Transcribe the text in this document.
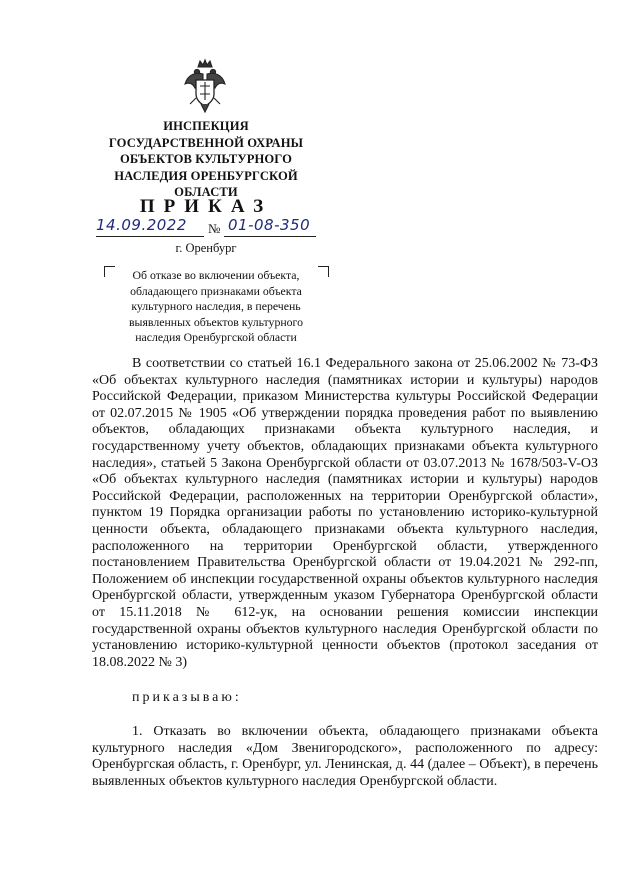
ИНСПЕКЦИЯ
ГОСУДАРСТВЕННОЙ ОХРАНЫ
ОБЪЕКТОВ КУЛЬТУРНОГО
НАСЛЕДИЯ ОРЕНБУРГСКОЙ
ОБЛАСТИ
ПРИКАЗ
14.09.2022 № 01-08-350
г. Оренбург
Об отказе во включении объекта,
обладающего признаками объекта
культурного наследия, в перечень
выявленных объектов культурного
наследия Оренбургской области

В соответствии со статьей 16.1 Федерального закона от 25.06.2002 № 73-ФЗ «Об объектах культурного наследия (памятниках истории и культуры) народов Российской Федерации, приказом Министерства культуры Российской Федерации от 02.07.2015 № 1905 «Об утверждении порядка проведения работ по выявлению объектов, обладающих признаками объекта культурного наследия, и государственному учету объектов, обладающих признаками объекта культурного наследия», статьей 5 Закона Оренбургской области от 03.07.2013 № 1678/503-V-ОЗ «Об объектах культурного наследия (памятниках истории и культуры) народов Российской Федерации, расположенных на территории Оренбургской области», пунктом 19 Порядка организации работы по установлению историко-культурной ценности объекта, обладающего признаками объекта культурного наследия, расположенного на территории Оренбургской области, утвержденного постановлением Правительства Оренбургской области от 19.04.2021 № 292-пп, Положением об инспекции государственной охраны объектов культурного наследия Оренбургской области, утвержденным указом Губернатора Оренбургской области от 15.11.2018 № 612-ук, на основании решения комиссии инспекции государственной охраны объектов культурного наследия Оренбургской области по установлению историко-культурной ценности объектов (протокол заседания от 18.08.2022 № 3)

приказываю:

1. Отказать во включении объекта, обладающего признаками объекта культурного наследия «Дом Звенигородского», расположенного по адресу: Оренбургская область, г. Оренбург, ул. Ленинская, д. 44 (далее – Объект), в перечень выявленных объектов культурного наследия Оренбургской области.
